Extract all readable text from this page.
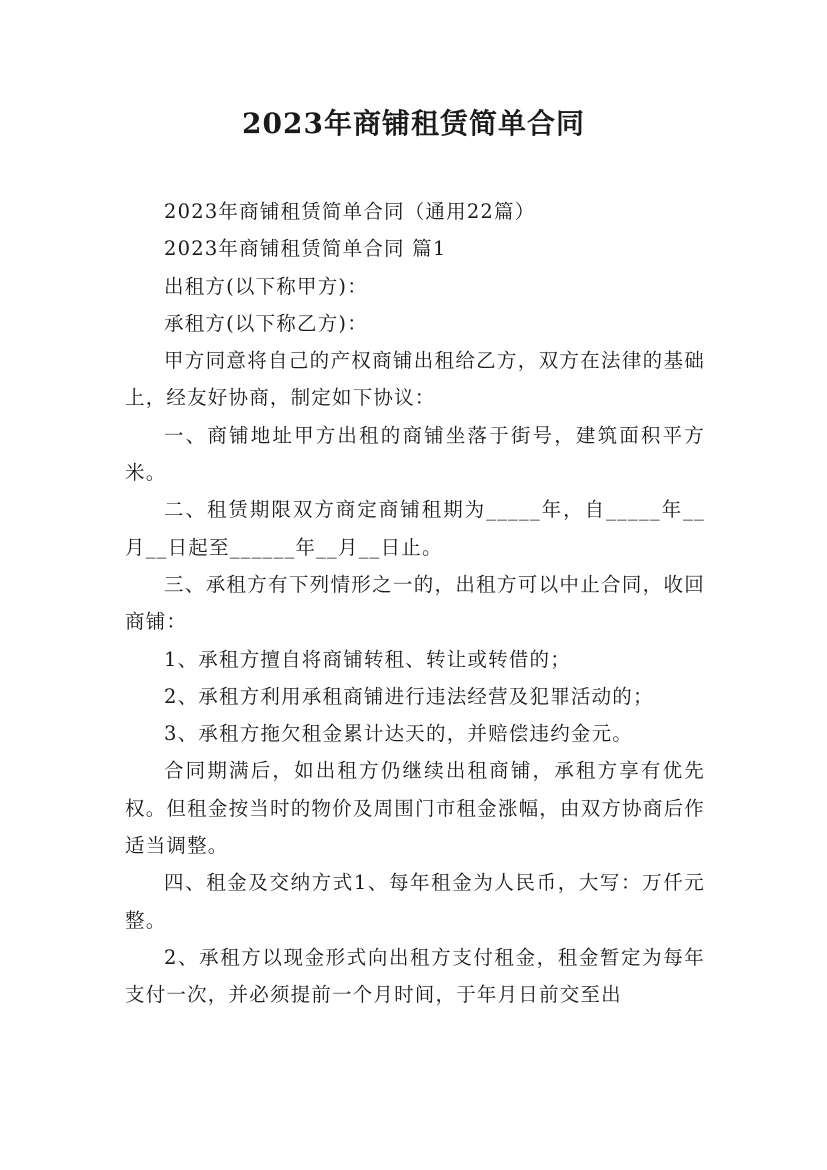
2023年商铺租赁简单合同

2023年商铺租赁简单合同（通用22篇）

2023年商铺租赁简单合同 篇1

出租方(以下称甲方)：

承租方(以下称乙方)：

甲方同意将自己的产权商铺出租给乙方，双方在法律的基础上，经友好协商，制定如下协议：

一、商铺地址甲方出租的商铺坐落于街号，建筑面积平方米。

二、租赁期限双方商定商铺租期为_____年，自_____年__月__日起至______年__月__日止。

三、承租方有下列情形之一的，出租方可以中止合同，收回商铺：

1、承租方擅自将商铺转租、转让或转借的；

2、承租方利用承租商铺进行违法经营及犯罪活动的；

3、承租方拖欠租金累计达天的，并赔偿违约金元。

合同期满后，如出租方仍继续出租商铺，承租方享有优先权。但租金按当时的物价及周围门市租金涨幅，由双方协商后作适当调整。

四、租金及交纳方式1、每年租金为人民币，大写：万仟元整。

2、承租方以现金形式向出租方支付租金，租金暂定为每年支付一次，并必须提前一个月时间，于年月日前交至出
